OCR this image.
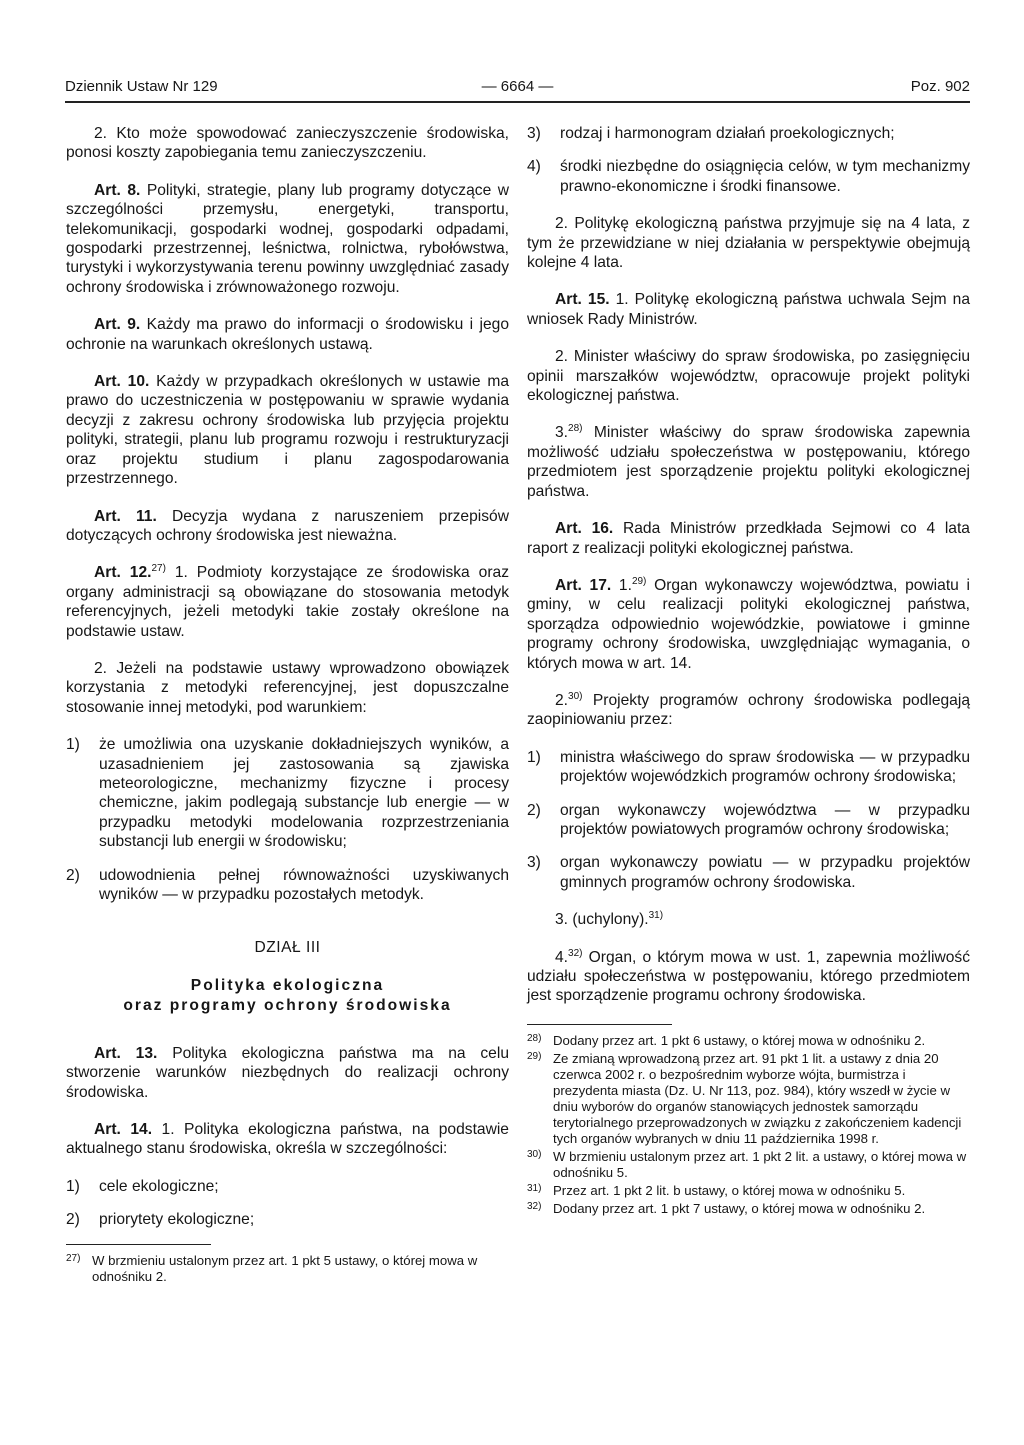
Dziennik Ustaw Nr 129	— 6664 —	Poz. 902

2. Kto może spowodować zanieczyszczenie środowiska, ponosi koszty zapobiegania temu zanieczyszczeniu.

Art. 8. Polityki, strategie, plany lub programy dotyczące w szczególności przemysłu, energetyki, transportu, telekomunikacji, gospodarki wodnej, gospodarki odpadami, gospodarki przestrzennej, leśnictwa, rolnictwa, rybołówstwa, turystyki i wykorzystywania terenu powinny uwzględniać zasady ochrony środowiska i zrównoważonego rozwoju.

Art. 9. Każdy ma prawo do informacji o środowisku i jego ochronie na warunkach określonych ustawą.

Art. 10. Każdy w przypadkach określonych w ustawie ma prawo do uczestniczenia w postępowaniu w sprawie wydania decyzji z zakresu ochrony środowiska lub przyjęcia projektu polityki, strategii, planu lub programu rozwoju i restrukturyzacji oraz projektu studium i planu zagospodarowania przestrzennego.

Art. 11. Decyzja wydana z naruszeniem przepisów dotyczących ochrony środowiska jest nieważna.

Art. 12.$^{27)}$ 1. Podmioty korzystające ze środowiska oraz organy administracji są obowiązane do stosowania metodyk referencyjnych, jeżeli metodyki takie zostały określone na podstawie ustaw.

2. Jeżeli na podstawie ustawy wprowadzono obowiązek korzystania z metodyki referencyjnej, jest dopuszczalne stosowanie innej metodyki, pod warunkiem:

1)	że umożliwia ona uzyskanie dokładniejszych wyników, a uzasadnieniem jej zastosowania są zjawiska meteorologiczne, mechanizmy fizyczne i procesy chemiczne, jakim podlegają substancje lub energie — w przypadku metodyki modelowania rozprzestrzeniania substancji lub energii w środowisku;
2)	udowodnienia pełnej równoważności uzyskiwanych wyników — w przypadku pozostałych metodyk.
DZIAŁ III
Polityka ekologiczna
oraz programy ochrony środowiska

Art. 13. Polityka ekologiczna państwa ma na celu stworzenie warunków niezbędnych do realizacji ochrony środowiska.

Art. 14. 1. Polityka ekologiczna państwa, na podstawie aktualnego stanu środowiska, określa w szczególności:

1)	cele ekologiczne;
2)	priorytety ekologiczne;
27) W brzmieniu ustalonym przez art. 1 pkt 5 ustawy, o której mowa w odnośniku 2.
3)	rodzaj i harmonogram działań proekologicznych;
4)	środki niezbędne do osiągnięcia celów, w tym mechanizmy prawno-ekonomiczne i środki finansowe.

2. Politykę ekologiczną państwa przyjmuje się na 4 lata, z tym że przewidziane w niej działania w perspektywie obejmują kolejne 4 lata.

Art. 15. 1. Politykę ekologiczną państwa uchwala Sejm na wniosek Rady Ministrów.

2. Minister właściwy do spraw środowiska, po zasięgnięciu opinii marszałków województw, opracowuje projekt polityki ekologicznej państwa.

3.$^{28)}$ Minister właściwy do spraw środowiska zapewnia możliwość udziału społeczeństwa w postępowaniu, którego przedmiotem jest sporządzenie projektu polityki ekologicznej państwa.

Art. 16. Rada Ministrów przedkłada Sejmowi co 4 lata raport z realizacji polityki ekologicznej państwa.

Art. 17. 1.$^{29)}$ Organ wykonawczy województwa, powiatu i gminy, w celu realizacji polityki ekologicznej państwa, sporządza odpowiednio wojewódzkie, powiatowe i gminne programy ochrony środowiska, uwzględniając wymagania, o których mowa w art. 14.

2.$^{30)}$ Projekty programów ochrony środowiska podlegają zaopiniowaniu przez:

1)	ministra właściwego do spraw środowiska — w przypadku projektów wojewódzkich programów ochrony środowiska;
2)	organ wykonawczy województwa — w przypadku projektów powiatowych programów ochrony środowiska;
3)	organ wykonawczy powiatu — w przypadku projektów gminnych programów ochrony środowiska.

3. (uchylony).$^{31)}$

4.$^{32)}$ Organ, o którym mowa w ust. 1, zapewnia możliwość udziału społeczeństwa w postępowaniu, którego przedmiotem jest sporządzenie programu ochrony środowiska.

28) Dodany przez art. 1 pkt 6 ustawy, o której mowa w odnośniku 2.
29) Ze zmianą wprowadzoną przez art. 91 pkt 1 lit. a ustawy z dnia 20 czerwca 2002 r. o bezpośrednim wyborze wójta, burmistrza i prezydenta miasta (Dz. U. Nr 113, poz. 984), który wszedł w życie w dniu wyborów do organów stanowiących jednostek samorządu terytorialnego przeprowadzonych w związku z zakończeniem kadencji tych organów wybranych w dniu 11 października 1998 r.
30) W brzmieniu ustalonym przez art. 1 pkt 2 lit. a ustawy, o której mowa w odnośniku 5.
31) Przez art. 1 pkt 2 lit. b ustawy, o której mowa w odnośniku 5.
32) Dodany przez art. 1 pkt 7 ustawy, o której mowa w odnośniku 2.
